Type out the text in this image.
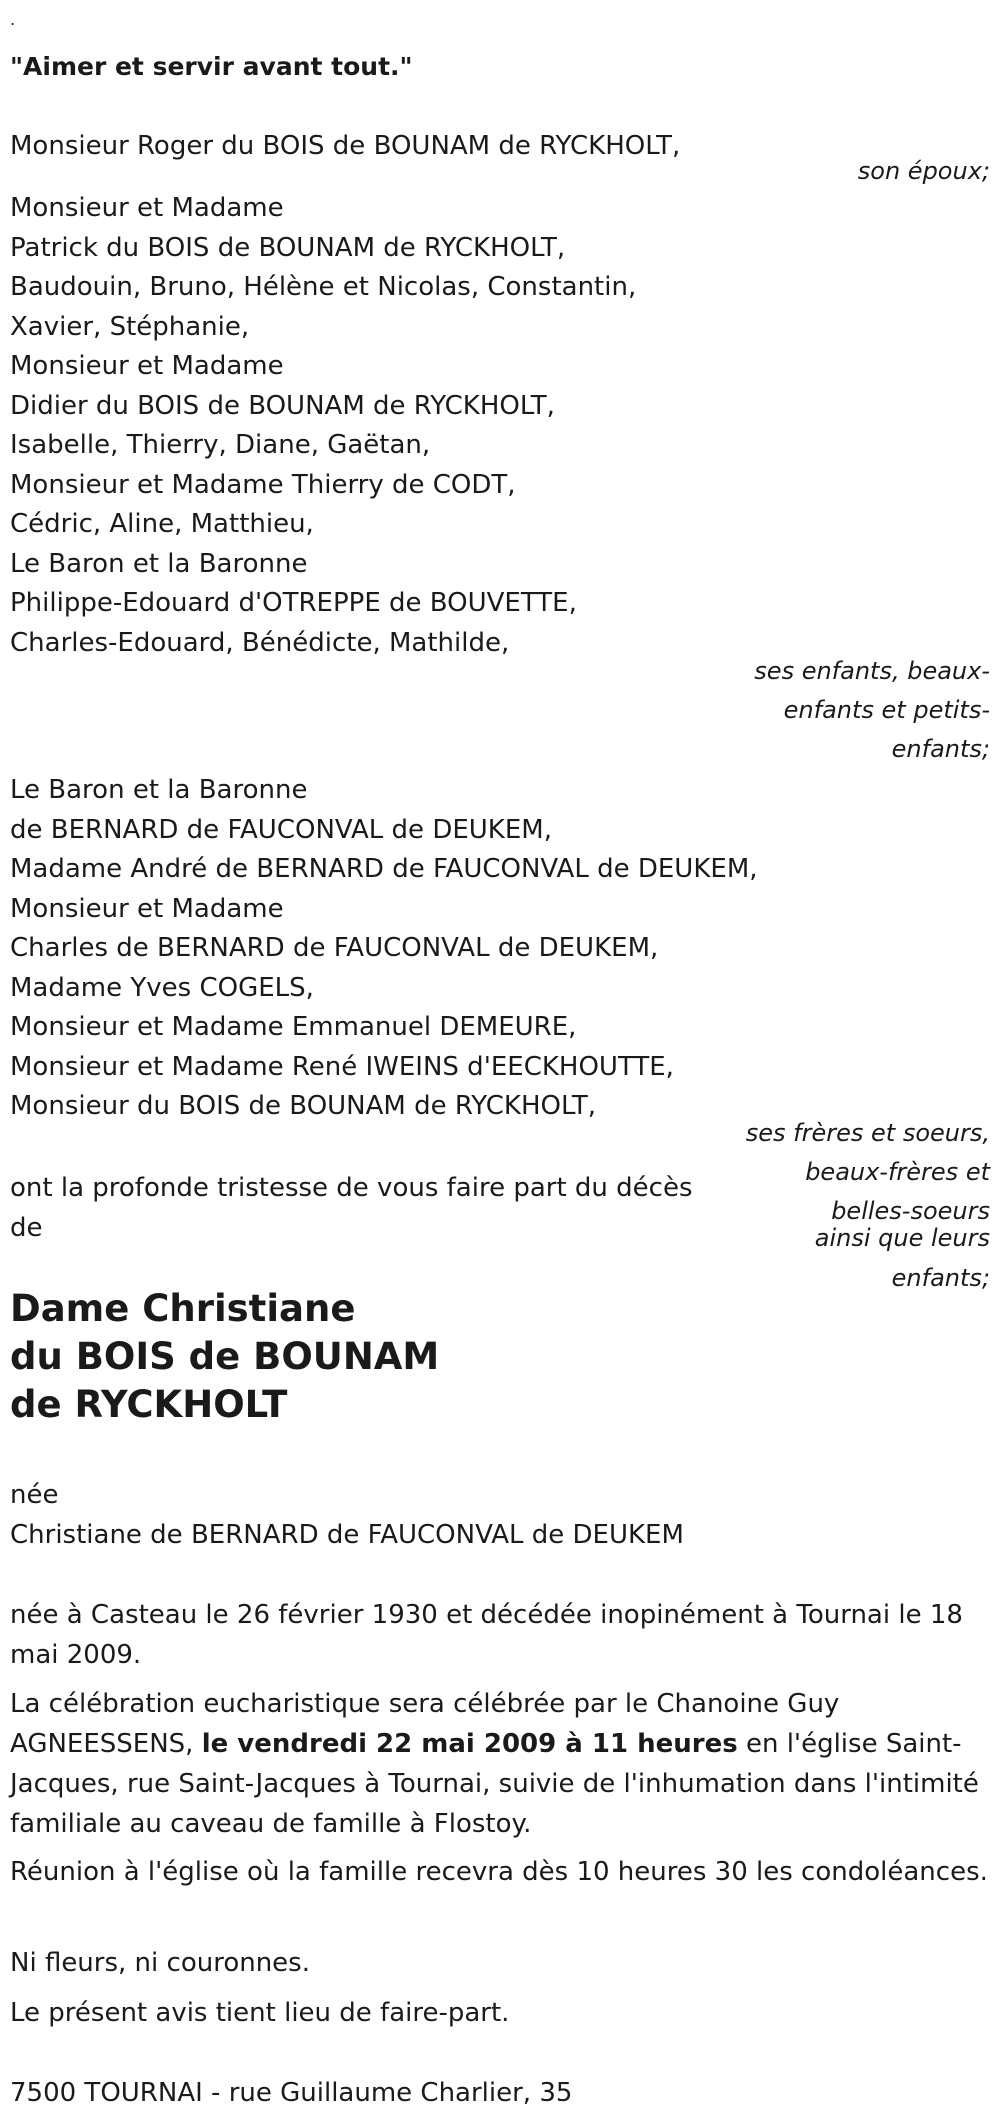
.
"Aimer et servir avant tout."
Monsieur Roger du BOIS de BOUNAM de RYCKHOLT,
son époux;
Monsieur et Madame
Patrick du BOIS de BOUNAM de RYCKHOLT,
Baudouin, Bruno, Hélène et Nicolas, Constantin,
Xavier, Stéphanie,
Monsieur et Madame
Didier du BOIS de BOUNAM de RYCKHOLT,
Isabelle, Thierry, Diane, Gaëtan,
Monsieur et Madame Thierry de CODT,
Cédric, Aline, Matthieu,
Le Baron et la Baronne
Philippe-Edouard d'OTREPPE de BOUVETTE,
Charles-Edouard, Bénédicte, Mathilde,
ses enfants, beaux-enfants et petits-enfants;
Le Baron et la Baronne
de BERNARD de FAUCONVAL de DEUKEM,
Madame André de BERNARD de FAUCONVAL de DEUKEM,
Monsieur et Madame
Charles de BERNARD de FAUCONVAL de DEUKEM,
Madame Yves COGELS,
Monsieur et Madame Emmanuel DEMEURE,
Monsieur et Madame René IWEINS d'EECKHOUTTE,
Monsieur du BOIS de BOUNAM de RYCKHOLT,
ses frères et soeurs, beaux-frères et belles-soeurs
ainsi que leurs enfants;
ont la profonde tristesse de vous faire part du décès de
Dame Christiane
du BOIS de BOUNAM
de RYCKHOLT
née
Christiane de BERNARD de FAUCONVAL de DEUKEM
née à Casteau le 26 février 1930 et décédée inopinément à Tournai le 18 mai 2009.
La célébration eucharistique sera célébrée par le Chanoine Guy AGNEESSENS, le vendredi 22 mai 2009 à 11 heures en l'église Saint-Jacques, rue Saint-Jacques à Tournai, suivie de l'inhumation dans l'intimité familiale au caveau de famille à Flostoy.
Réunion à l'église où la famille recevra dès 10 heures 30 les condoléances.
Ni fleurs, ni couronnes.
Le présent avis tient lieu de faire-part.
7500 TOURNAI - rue Guillaume Charlier, 35
